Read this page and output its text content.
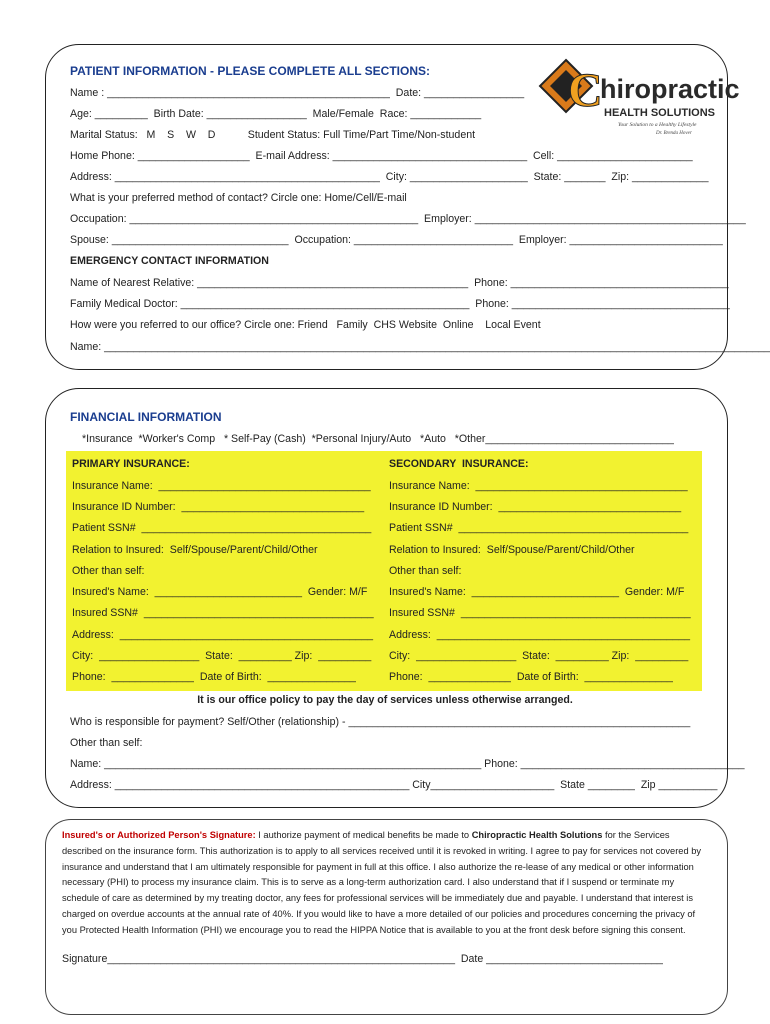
PATIENT INFORMATION - PLEASE COMPLETE ALL SECTIONS:
Name : ________________________________________________  Date: _________________
Age: _________  Birth Date: _________________  Male/Female  Race: ____________
Marital Status:   M    S    W    D           Student Status: Full Time/Part Time/Non-student
Home Phone: ___________________  E-mail Address: _________________________________  Cell: _______________________
Address: _____________________________________________  City: ____________________  State: _______  Zip: _____________
What is your preferred method of contact? Circle one: Home/Cell/E-mail
Occupation: _________________________________________________  Employer: ______________________________________________
Spouse: ______________________________  Occupation: ___________________________  Employer: __________________________
EMERGENCY CONTACT INFORMATION
Name of Nearest Relative: ______________________________________________  Phone: _____________________________________
Family Medical Doctor: _________________________________________________  Phone: _____________________________________
How were you referred to our office? Circle one: Friend   Family  CHS Website  Online    Local Event
Name: _________________________________________________________________________________________________________________
C
hiropractic
HEALTH SOLUTIONS
Your Solution to a Healthy Lifestyle
Dr. Brenda Hover
FINANCIAL INFORMATION
*Insurance  *Worker's Comp   * Self-Pay (Cash)  *Personal Injury/Auto   *Auto   *Other________________________________
PRIMARY INSURANCE:	SECONDARY  INSURANCE:
Insurance Name:  ____________________________________
Insurance ID Number:  _______________________________
Patient SSN#  _______________________________________
Relation to Insured:  Self/Spouse/Parent/Child/Other
Other than self:
Insured's Name:  _________________________  Gender: M/F
Insured SSN#  _______________________________________
Address:  ___________________________________________
City:  _________________  State:  _________ Zip:  _________
Phone:  ______________  Date of Birth:  _______________
Insurance Name:  ____________________________________
Insurance ID Number:  _______________________________
Patient SSN#  _______________________________________
Relation to Insured:  Self/Spouse/Parent/Child/Other
Other than self:
Insured's Name:  _________________________  Gender: M/F
Insured SSN#  _______________________________________
Address:  ___________________________________________
City:  _________________  State:  _________ Zip:  _________
Phone:  ______________  Date of Birth:  _______________
It is our office policy to pay the day of services unless otherwise arranged.
Who is responsible for payment? Self/Other (relationship) - __________________________________________________________
Other than self:
Name: ________________________________________________________________ Phone: ______________________________________
Address: __________________________________________________ City_____________________  State ________  Zip __________
Insured's or Authorized Person's Signature: I authorize payment of medical benefits be made to Chiropractic Health Solutions for the Services described on the insurance form. This authorization is to apply to all services received until it is revoked in writing. I agree to pay for services not covered by insurance and understand that I am ultimately responsible for payment in full at this office. I also authorize the re-lease of any medical or other information necessary (PHI) to process my insurance claim. This is to serve as a long-term authorization card. I also understand that if I suspend or terminate my schedule of care as determined by my treating doctor, any fees for professional services will be immediately due and payable. I understand that interest is charged on overdue accounts at the annual rate of 40%. If you would like to have a more detailed of our policies and procedures concerning the privacy of you Protected Health Information (PHI) we encourage you to read the HIPPA Notice that is available to you at the front desk before signing this consent.
Signature___________________________________________________________  Date ______________________________
